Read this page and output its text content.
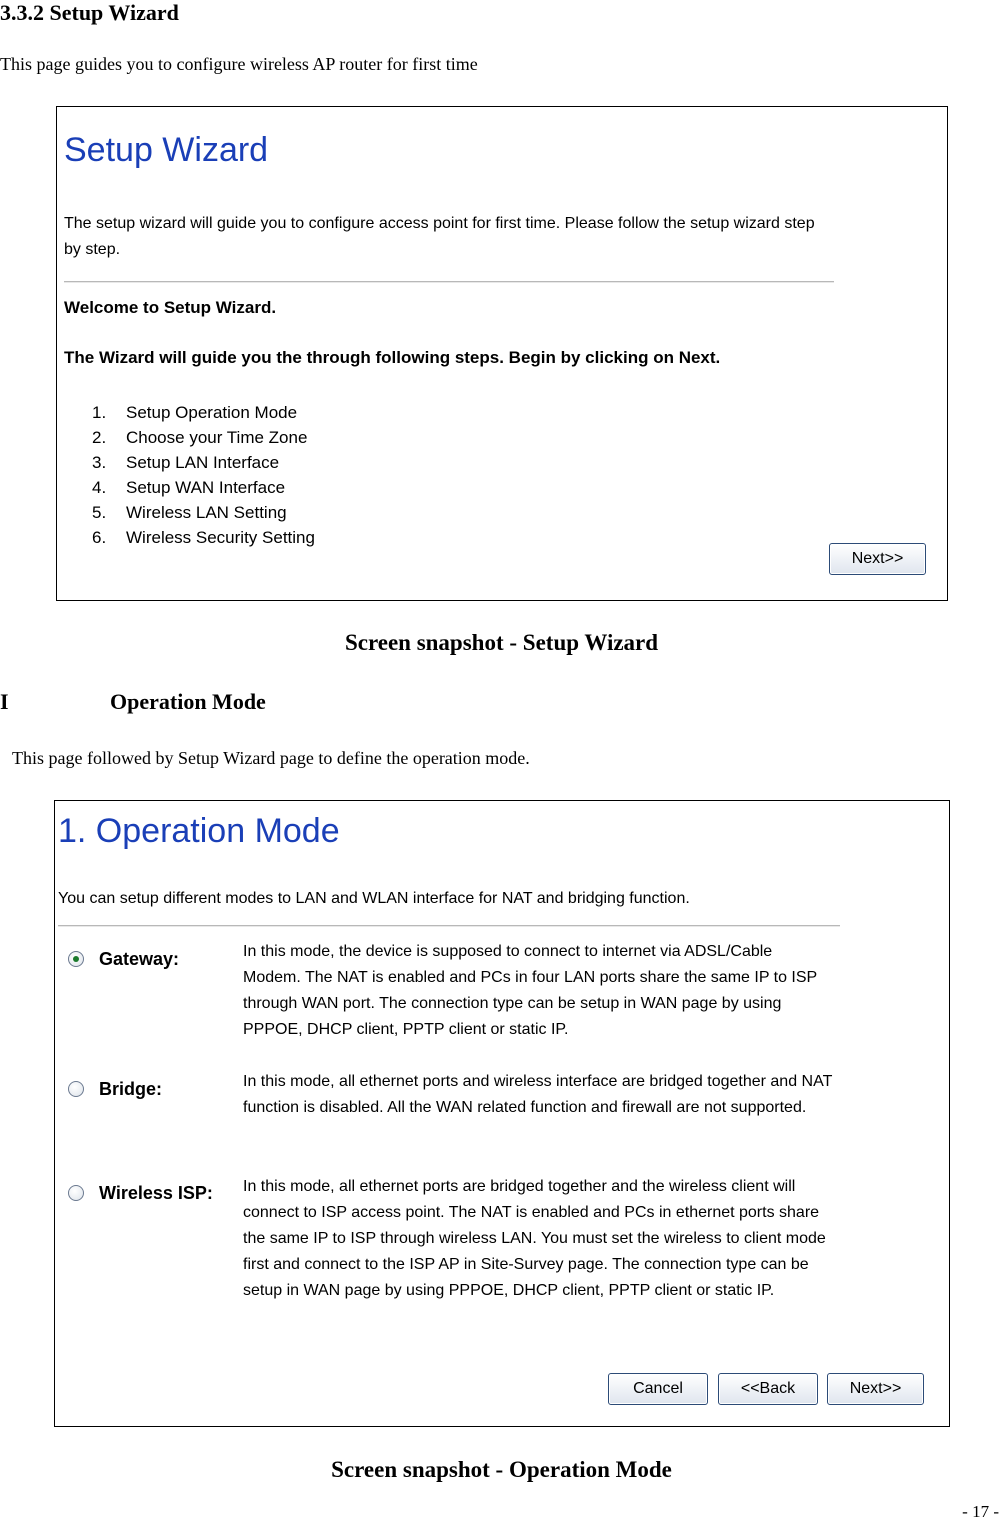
3.3.2 Setup Wizard
This page guides you to configure wireless AP router for first time
Setup Wizard
The setup wizard will guide you to configure access point for first time. Please follow the setup wizard step by step.
Welcome to Setup Wizard.
The Wizard will guide you the through following steps. Begin by clicking on Next.
1. Setup Operation Mode
2. Choose your Time Zone
3. Setup LAN Interface
4. Setup WAN Interface
5. Wireless LAN Setting
6. Wireless Security Setting
Next>>
Screen snapshot - Setup Wizard
I	Operation Mode
This page followed by Setup Wizard page to define the operation mode.
1. Operation Mode
You can setup different modes to LAN and WLAN interface for NAT and bridging function.
Gateway:	In this mode, the device is supposed to connect to internet via ADSL/Cable Modem. The NAT is enabled and PCs in four LAN ports share the same IP to ISP through WAN port. The connection type can be setup in WAN page by using PPPOE, DHCP client, PPTP client or static IP.
Bridge:	In this mode, all ethernet ports and wireless interface are bridged together and NAT function is disabled. All the WAN related function and firewall are not supported.
Wireless ISP: In this mode, all ethernet ports are bridged together and the wireless client will connect to ISP access point. The NAT is enabled and PCs in ethernet ports share the same IP to ISP through wireless LAN. You must set the wireless to client mode first and connect to the ISP AP in Site-Survey page. The connection type can be setup in WAN page by using PPPOE, DHCP client, PPTP client or static IP.
Cancel	<<Back	Next>>
Screen snapshot - Operation Mode
- 17 -
